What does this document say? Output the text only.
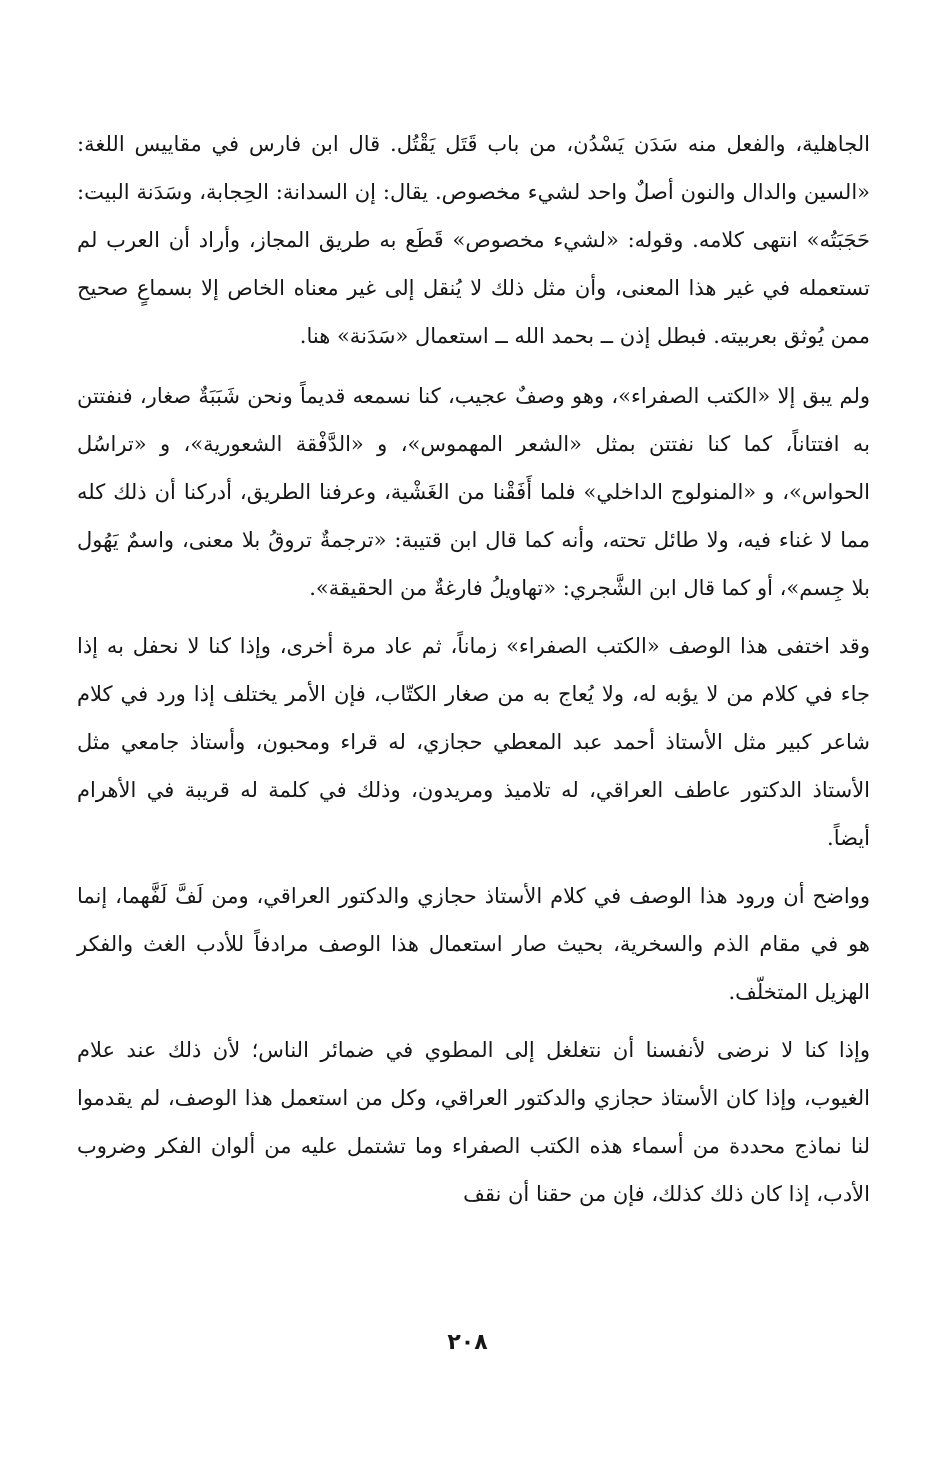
الجاهلية، والفعل منه سَدَن يَسْدُن، من باب قَتَل يَقْتُل. قال ابن فارس في مقاييس اللغة: «السين والدال والنون أصلٌ واحد لشيء مخصوص. يقال: إن السدانة: الحِجابة، وسَدَنة البيت: حَجَبَتُه» انتهى كلامه. وقوله: «لشيء مخصوص» قَطَع به طريق المجاز، وأراد أن العرب لم تستعمله في غير هذا المعنى، وأن مثل ذلك لا يُنقل إلى غير معناه الخاص إلا بسماعٍ صحيح ممن يُوثق بعربيته. فبطل إذن ــ بحمد الله ــ استعمال «سَدَنة» هنا.

ولم يبق إلا «الكتب الصفراء»، وهو وصفٌ عجيب، كنا نسمعه قديماً ونحن شَبَبَةٌ صغار، فنفتتن به افتتاناً، كما كنا نفتتن بمثل «الشعر المهموس»، و «الدَّفْقة الشعورية»، و «تراسُل الحواس»، و «المنولوج الداخلي» فلما أَفَقْنا من الغَشْية، وعرفنا الطريق، أدركنا أن ذلك كله مما لا غناء فيه، ولا طائل تحته، وأنه كما قال ابن قتيبة: «ترجمةٌ تروقُ بلا معنى، واسمٌ يَهُول بلا جِسم»، أو كما قال ابن الشَّجري: «تهاويلُ فارغةٌ من الحقيقة».

وقد اختفى هذا الوصف «الكتب الصفراء» زماناً، ثم عاد مرة أخرى، وإذا كنا لا نحفل به إذا جاء في كلام من لا يؤبه له، ولا يُعاج به من صغار الكتّاب، فإن الأمر يختلف إذا ورد في كلام شاعر كبير مثل الأستاذ أحمد عبد المعطي حجازي، له قراء ومحبون، وأستاذ جامعي مثل الأستاذ الدكتور عاطف العراقي، له تلاميذ ومريدون، وذلك في كلمة له قريبة في الأهرام أيضاً.

وواضح أن ورود هذا الوصف في كلام الأستاذ حجازي والدكتور العراقي، ومن لَفَّ لَفَّهما، إنما هو في مقام الذم والسخرية، بحيث صار استعمال هذا الوصف مرادفاً للأدب الغث والفكر الهزيل المتخلّف.

وإذا كنا لا نرضى لأنفسنا أن نتغلغل إلى المطوي في ضمائر الناس؛ لأن ذلك عند علام الغيوب، وإذا كان الأستاذ حجازي والدكتور العراقي، وكل من استعمل هذا الوصف، لم يقدموا لنا نماذج محددة من أسماء هذه الكتب الصفراء وما تشتمل عليه من ألوان الفكر وضروب الأدب، إذا كان ذلك كذلك، فإن من حقنا أن نقف

٢٠٨
